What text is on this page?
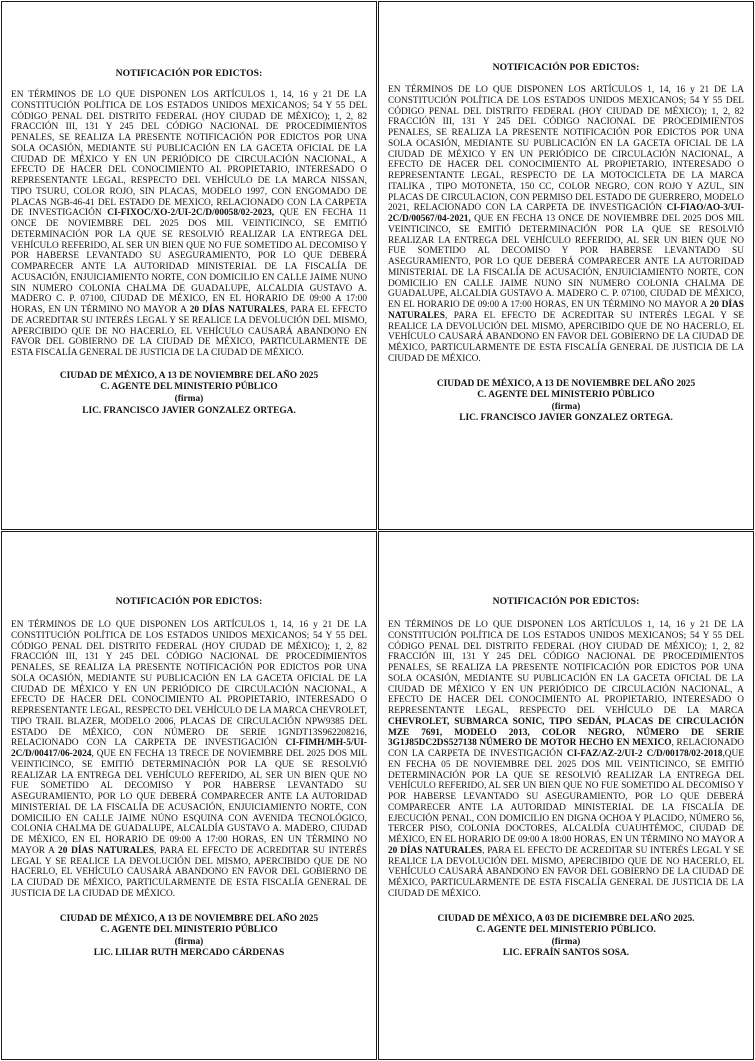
NOTIFICACIÓN POR EDICTOS:
EN TÉRMINOS DE LO QUE DISPONEN LOS ARTÍCULOS 1, 14, 16 y 21 DE LA CONSTITUCIÓN POLÍTICA DE LOS ESTADOS UNIDOS MEXICANOS; 54 Y 55 DEL CÓDIGO PENAL DEL DISTRITO FEDERAL (HOY CIUDAD DE MÉXICO); 1, 2, 82 FRACCIÓN III, 131 Y 245 DEL CÓDIGO NACIONAL DE PROCEDIMIENTOS PENALES, SE REALIZA LA PRESENTE NOTIFICACIÓN POR EDICTOS POR UNA SOLA OCASIÓN, MEDIANTE SU PUBLICACIÓN EN LA GACETA OFICIAL DE LA CIUDAD DE MÉXICO Y EN UN PERIÓDICO DE CIRCULACIÓN NACIONAL, A EFECTO DE HACER DEL CONOCIMIENTO AL PROPIETARIO, INTERESADO O REPRESENTANTE LEGAL, RESPECTO DEL VEHÍCULO DE LA MARCA NISSAN, TIPO TSURU, COLOR ROJO, SIN PLACAS, MODELO 1997, CON ENGOMADO DE PLACAS NGB-46-41 DEL ESTADO DE MEXICO, RELACIONADO CON LA CARPETA DE INVESTIGACIÓN CI-FIXOC/XO-2/UI-2C/D/00058/02-2023, QUE EN FECHA 11 ONCE DE NOVIEMBRE DEL 2025 DOS MIL VEINTICINCO, SE EMITIÓ DETERMINACIÓN POR LA QUE SE RESOLVIÓ REALIZAR LA ENTREGA DEL VEHÍCULO REFERIDO, AL SER UN BIEN QUE NO FUE SOMETIDO AL DECOMISO Y POR HABERSE LEVANTADO SU ASEGURAMIENTO, POR LO QUE DEBERÁ COMPARECER ANTE LA AUTORIDAD MINISTERIAL DE LA FISCALÍA DE ACUSACIÓN, ENJUICIAMIENTO NORTE, CON DOMICILIO EN CALLE JAIME NUNO SIN NUMERO COLONIA CHALMA DE GUADALUPE, ALCALDIA GUSTAVO A. MADERO C. P. 07100, CIUDAD DE MÉXICO, EN EL HORARIO DE 09:00 A 17:00 HORAS, EN UN TÉRMINO NO MAYOR A 20 DÍAS NATURALES, PARA EL EFECTO DE ACREDITAR SU INTERÉS LEGAL Y SE REALICE LA DEVOLUCIÓN DEL MISMO, APERCIBIDO QUE DE NO HACERLO, EL VEHÍCULO CAUSARÁ ABANDONO EN FAVOR DEL GOBIERNO DE LA CIUDAD DE MÉXICO, PARTICULARMENTE DE ESTA FISCALÍA GENERAL DE JUSTICIA DE LA CIUDAD DE MÉXICO.
CIUDAD DE MÉXICO, A 13 DE NOVIEMBRE DEL AÑO 2025
C. AGENTE DEL MINISTERIO PÚBLICO
(firma)
LIC. FRANCISCO JAVIER GONZALEZ ORTEGA.
NOTIFICACIÓN POR EDICTOS:
EN TÉRMINOS DE LO QUE DISPONEN LOS ARTÍCULOS 1, 14, 16 y 21 DE LA CONSTITUCIÓN POLÍTICA DE LOS ESTADOS UNIDOS MEXICANOS; 54 Y 55 DEL CÓDIGO PENAL DEL DISTRITO FEDERAL (HOY CIUDAD DE MÉXICO); 1, 2, 82 FRACCIÓN III, 131 Y 245 DEL CÓDIGO NACIONAL DE PROCEDIMIENTOS PENALES, SE REALIZA LA PRESENTE NOTIFICACIÓN POR EDICTOS POR UNA SOLA OCASIÓN, MEDIANTE SU PUBLICACIÓN EN LA GACETA OFICIAL DE LA CIUDAD DE MÉXICO Y EN UN PERIÓDICO DE CIRCULACIÓN NACIONAL, A EFECTO DE HACER DEL CONOCIMIENTO AL PROPIETARIO, INTERESADO O REPRESENTANTE LEGAL, RESPECTO DE LA MOTOCICLETA DE LA MARCA ITALIKA , TIPO MOTONETA, 150 CC, COLOR NEGRO, CON ROJO Y AZUL, SIN PLACAS DE CIRCULACION, CON PERMISO DEL ESTADO DE GUERRERO, MODELO 2021, RELACIONADO CON LA CARPETA DE INVESTIGACIÓN CI-FIAO/AO-3/UI-2C/D/00567/04-2021, QUE EN FECHA 13 ONCE DE NOVIEMBRE DEL 2025 DOS MIL VEINTICINCO, SE EMITIÓ DETERMINACIÓN POR LA QUE SE RESOLVIÓ REALIZAR LA ENTREGA DEL VEHÍCULO REFERIDO, AL SER UN BIEN QUE NO FUE SOMETIDO AL DECOMISO Y POR HABERSE LEVANTADO SU ASEGURAMIENTO, POR LO QUE DEBERÁ COMPARECER ANTE LA AUTORIDAD MINISTERIAL DE LA FISCALÍA DE ACUSACIÓN, ENJUICIAMIENTO NORTE, CON DOMICILIO EN CALLE JAIME NUNO SIN NUMERO COLONIA CHALMA DE GUADALUPE, ALCALDIA GUSTAVO A. MADERO C. P. 07100, CIUDAD DE MÉXICO, EN EL HORARIO DE 09:00 A 17:00 HORAS, EN UN TÉRMINO NO MAYOR A 20 DÍAS NATURALES, PARA EL EFECTO DE ACREDITAR SU INTERÉS LEGAL Y SE REALICE LA DEVOLUCIÓN DEL MISMO, APERCIBIDO QUE DE NO HACERLO, EL VEHÍCULO CAUSARÁ ABANDONO EN FAVOR DEL GOBIERNO DE LA CIUDAD DE MÉXICO, PARTICULARMENTE DE ESTA FISCALÍA GENERAL DE JUSTICIA DE LA CIUDAD DE MÉXICO.
CIUDAD DE MÉXICO, A 13 DE NOVIEMBRE DEL AÑO 2025
C. AGENTE DEL MINISTERIO PÚBLICO
(firma)
LIC. FRANCISCO JAVIER GONZALEZ ORTEGA.
NOTIFICACIÓN POR EDICTOS:
EN TÉRMINOS DE LO QUE DISPONEN LOS ARTÍCULOS 1, 14, 16 y 21 DE LA CONSTITUCIÓN POLÍTICA DE LOS ESTADOS UNIDOS MEXICANOS; 54 Y 55 DEL CÓDIGO PENAL DEL DISTRITO FEDERAL (HOY CIUDAD DE MÉXICO); 1, 2, 82 FRACCIÓN III, 131 Y 245 DEL CÓDIGO NACIONAL DE PROCEDIMIENTOS PENALES, SE REALIZA LA PRESENTE NOTIFICACIÓN POR EDICTOS POR UNA SOLA OCASIÓN, MEDIANTE SU PUBLICACIÓN EN LA GACETA OFICIAL DE LA CIUDAD DE MÉXICO Y EN UN PERIÓDICO DE CIRCULACIÓN NACIONAL, A EFECTO DE HACER DEL CONOCIMIENTO AL PROPIETARIO, INTERESADO O REPRESENTANTE LEGAL, RESPECTO DEL VEHÍCULO DE LA MARCA CHEVROLET, TIPO TRAIL BLAZER, MODELO 2006, PLACAS DE CIRCULACIÓN NPW9385 DEL ESTADO DE MÉXICO, CON NÚMERO DE SERIE 1GNDT13S962208216, RELACIONADO CON LA CARPETA DE INVESTIGACIÓN CI-FIMH/MH-5/UI-2C/D/00417/06-2024, QUE EN FECHA 13 TRECE DE NOVIEMBRE DEL 2025 DOS MIL VEINTICINCO, SE EMITIÓ DETERMINACIÓN POR LA QUE SE RESOLVIÓ REALIZAR LA ENTREGA DEL VEHÍCULO REFERIDO, AL SER UN BIEN QUE NO FUE SOMETIDO AL DECOMISO Y POR HABERSE LEVANTADO SU ASEGURAMIENTO, POR LO QUE DEBERÁ COMPARECER ANTE LA AUTORIDAD MINISTERIAL DE LA FISCALÍA DE ACUSACIÓN, ENJUICIAMIENTO NORTE, CON DOMICILIO EN CALLE JAIME NÚNO ESQUINA CON AVENIDA TECNOLÓGICO, COLONIA CHALMA DE GUADALUPE, ALCALDÍA GUSTAVO A. MADERO, CIUDAD DE MÉXICO, EN EL HORARIO DE 09:00 A 17:00 HORAS, EN UN TÉRMINO NO MAYOR A 20 DÍAS NATURALES, PARA EL EFECTO DE ACREDITAR SU INTERÉS LEGAL Y SE REALICE LA DEVOLUCIÓN DEL MISMO, APERCIBIDO QUE DE NO HACERLO, EL VEHÍCULO CAUSARÁ ABANDONO EN FAVOR DEL GOBIERNO DE LA CIUDAD DE MÉXICO, PARTICULARMENTE DE ESTA FISCALÍA GENERAL DE JUSTICIA DE LA CIUDAD DE MÉXICO.
CIUDAD DE MÉXICO, A 13 DE NOVIEMBRE DEL AÑO 2025
C. AGENTE DEL MINISTERIO PÚBLICO
(firma)
LIC. LILIAR RUTH MERCADO CÁRDENAS
NOTIFICACIÓN POR EDICTOS:
EN TÉRMINOS DE LO QUE DISPONEN LOS ARTÍCULOS 1, 14, 16 y 21 DE LA CONSTITUCIÓN POLÍTICA DE LOS ESTADOS UNIDOS MEXICANOS; 54 Y 55 DEL CÓDIGO PENAL DEL DISTRITO FEDERAL (HOY CIUDAD DE MÉXICO); 1, 2, 82 FRACCIÓN III, 131 Y 245 DEL CÓDIGO NACIONAL DE PROCEDIMIENTOS PENALES, SE REALIZA LA PRESENTE NOTIFICACIÓN POR EDICTOS POR UNA SOLA OCASIÓN, MEDIANTE SU PUBLICACIÓN EN LA GACETA OFICIAL DE LA CIUDAD DE MÉXICO Y EN UN PERIÓDICO DE CIRCULACIÓN NACIONAL, A EFECTO DE HACER DEL CONOCIMIENTO AL PROPIETARIO, INTERESADO O REPRESENTANTE LEGAL, RESPECTO DEL VEHÍCULO DE LA MARCA CHEVROLET, SUBMARCA SONIC, TIPO SEDÁN, PLACAS DE CIRCULACIÓN MZE 7691, MODELO 2013, COLOR NEGRO, NÚMERO DE SERIE 3G1J85DC2DS527138 NÚMERO DE MOTOR HECHO EN MEXICO, RELACIONADO CON LA CARPETA DE INVESTIGACIÓN CI-FAZ/AZ-2/UI-2 C/D/00178/02-2018,QUE EN FECHA 05 DE NOVIEMBRE DEL 2025 DOS MIL VEINTICINCO, SE EMITIÓ DETERMINACIÓN POR LA QUE SE RESOLVIÓ REALIZAR LA ENTREGA DEL VEHÍCULO REFERIDO, AL SER UN BIEN QUE NO FUE SOMETIDO AL DECOMISO Y POR HABERSE LEVANTADO SU ASEGURAMIENTO, POR LO QUE DEBERÁ COMPARECER ANTE LA AUTORIDAD MINISTERIAL DE LA FISCALÍA DE EJECUCIÓN PENAL, CON DOMICILIO EN DIGNA OCHOA Y PLACIDO, NÚMERO 56, TERCER PISO, COLONIA DOCTORES, ALCALDÍA CUAUHTÉMOC, CIUDAD DE MÉXICO, EN EL HORARIO DE 09:00 A 18:00 HORAS, EN UN TÉRMINO NO MAYOR A 20 DÍAS NATURALES, PARA EL EFECTO DE ACREDITAR SU INTERÉS LEGAL Y SE REALICE LA DEVOLUCIÓN DEL MISMO, APERCIBIDO QUE DE NO HACERLO, EL VEHÍCULO CAUSARÁ ABANDONO EN FAVOR DEL GOBIERNO DE LA CIUDAD DE MÉXICO, PARTICULARMENTE DE ESTA FISCALÍA GENERAL DE JUSTICIA DE LA CIUDAD DE MÉXICO.
CIUDAD DE MÉXICO, A 03 DE DICIEMBRE DEL AÑO 2025.
C. AGENTE DEL MINISTERIO PÚBLICO.
(firma)
LIC. EFRAÍN SANTOS SOSA.
